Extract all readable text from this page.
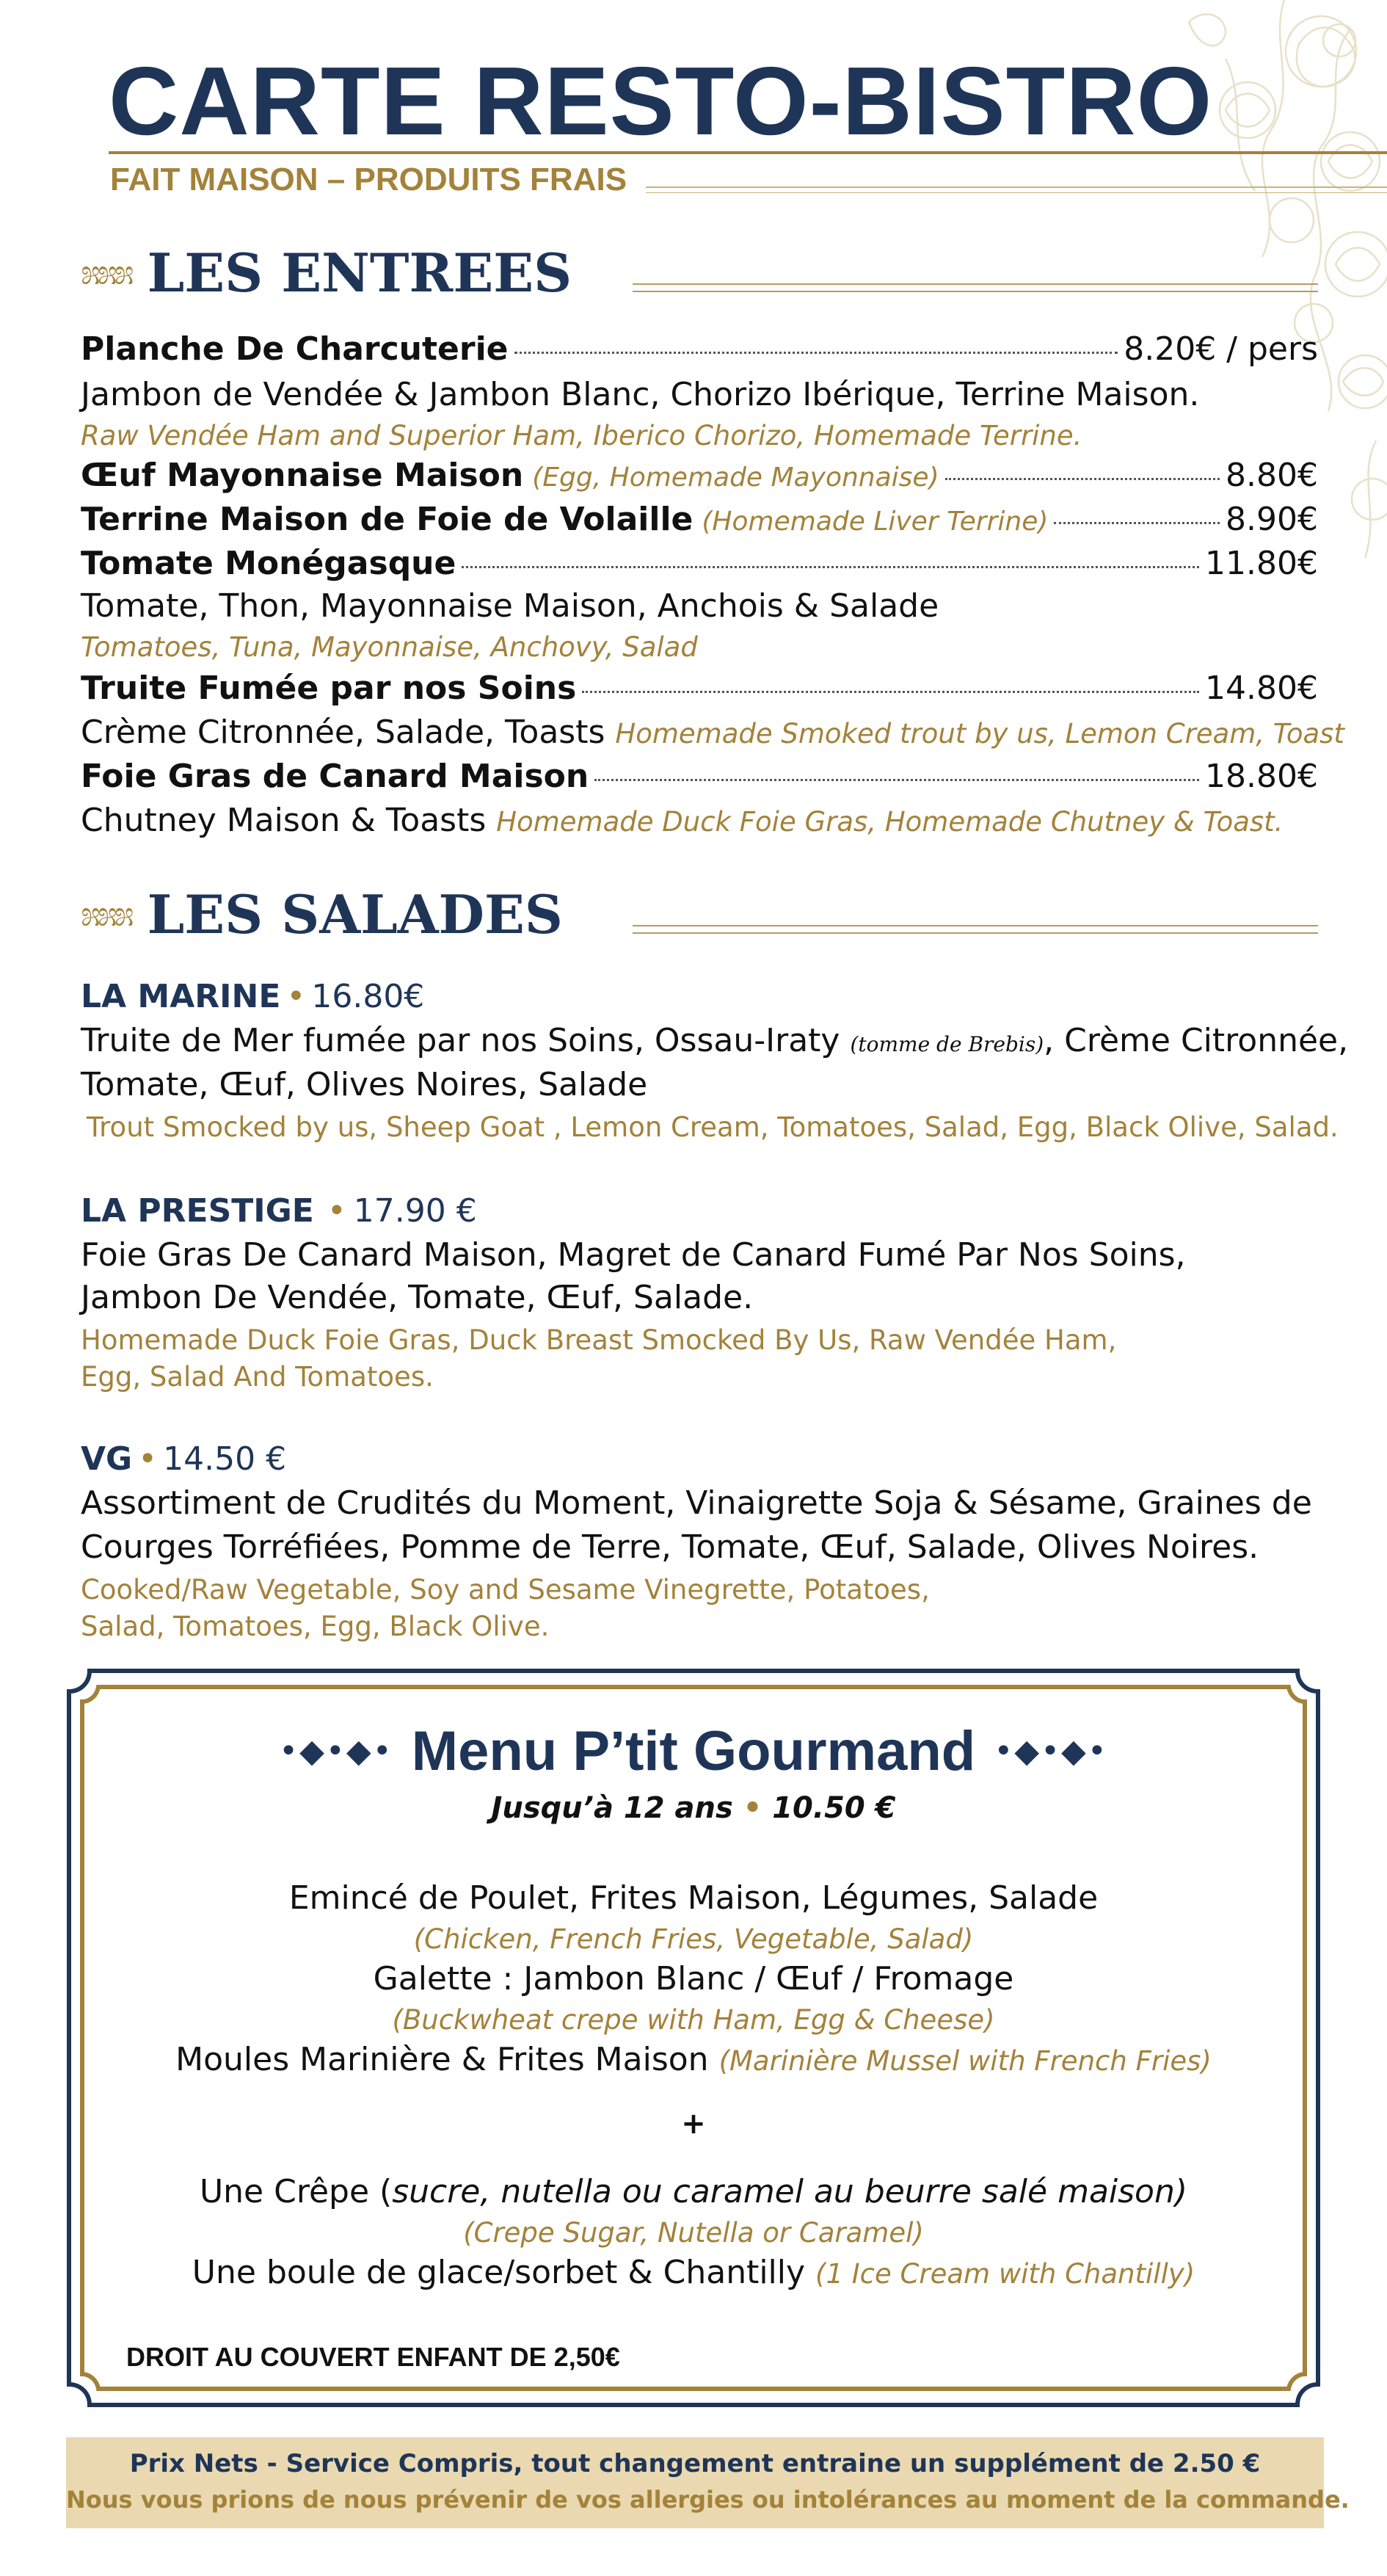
CARTE RESTO-BISTRO
FAIT MAISON – PRODUITS FRAIS
೫೫೫ LES ENTREES
Planche De Charcuterie	8.20€ / pers
Jambon de Vendée & Jambon Blanc, Chorizo Ibérique, Terrine Maison.
Raw Vendée Ham and Superior Ham, Iberico Chorizo, Homemade Terrine.
Œuf Mayonnaise Maison (Egg, Homemade Mayonnaise)	8.80€
Terrine Maison de Foie de Volaille (Homemade Liver Terrine)	8.90€
Tomate Monégasque	11.80€
Tomate, Thon, Mayonnaise Maison, Anchois & Salade
Tomatoes, Tuna, Mayonnaise, Anchovy, Salad
Truite Fumée par nos Soins	14.80€
Crème Citronnée, Salade, Toasts Homemade Smoked trout by us, Lemon Cream, Toast
Foie Gras de Canard Maison	18.80€
Chutney Maison & Toasts Homemade Duck Foie Gras, Homemade Chutney & Toast.
೫೫೫ LES SALADES
LA MARINE • 16.80€
Truite de Mer fumée par nos Soins, Ossau-Iraty (tomme de Brebis), Crème Citronnée,
Tomate, Œuf, Olives Noires, Salade
Trout Smocked by us, Sheep Goat , Lemon Cream, Tomatoes, Salad, Egg, Black Olive, Salad.
LA PRESTIGE • 17.90 €
Foie Gras De Canard Maison, Magret de Canard Fumé Par Nos Soins,
Jambon De Vendée, Tomate, Œuf, Salade.
Homemade Duck Foie Gras, Duck Breast Smocked By Us, Raw Vendée Ham,
Egg, Salad And Tomatoes.
VG • 14.50 €
Assortiment de Crudités du Moment, Vinaigrette Soja & Sésame, Graines de
Courges Torréfiées, Pomme de Terre, Tomate, Œuf, Salade, Olives Noires.
Cooked/Raw Vegetable, Soy and Sesame Vinegrette, Potatoes,
Salad, Tomatoes, Egg, Black Olive.
•◆•◆• Menu P’tit Gourmand •◆•◆•
Jusqu’à 12 ans • 10.50 €
Emincé de Poulet, Frites Maison, Légumes, Salade
(Chicken, French Fries, Vegetable, Salad)
Galette : Jambon Blanc / Œuf / Fromage
(Buckwheat crepe with Ham, Egg & Cheese)
Moules Marinière & Frites Maison (Marinière Mussel with French Fries)
+
Une Crêpe (sucre, nutella ou caramel au beurre salé maison)
(Crepe Sugar, Nutella or Caramel)
Une boule de glace/sorbet & Chantilly (1 Ice Cream with Chantilly)
DROIT AU COUVERT ENFANT DE 2,50€
Prix Nets - Service Compris, tout changement entraine un supplément de 2.50 €
Nous vous prions de nous prévenir de vos allergies ou intolérances au moment de la commande.
